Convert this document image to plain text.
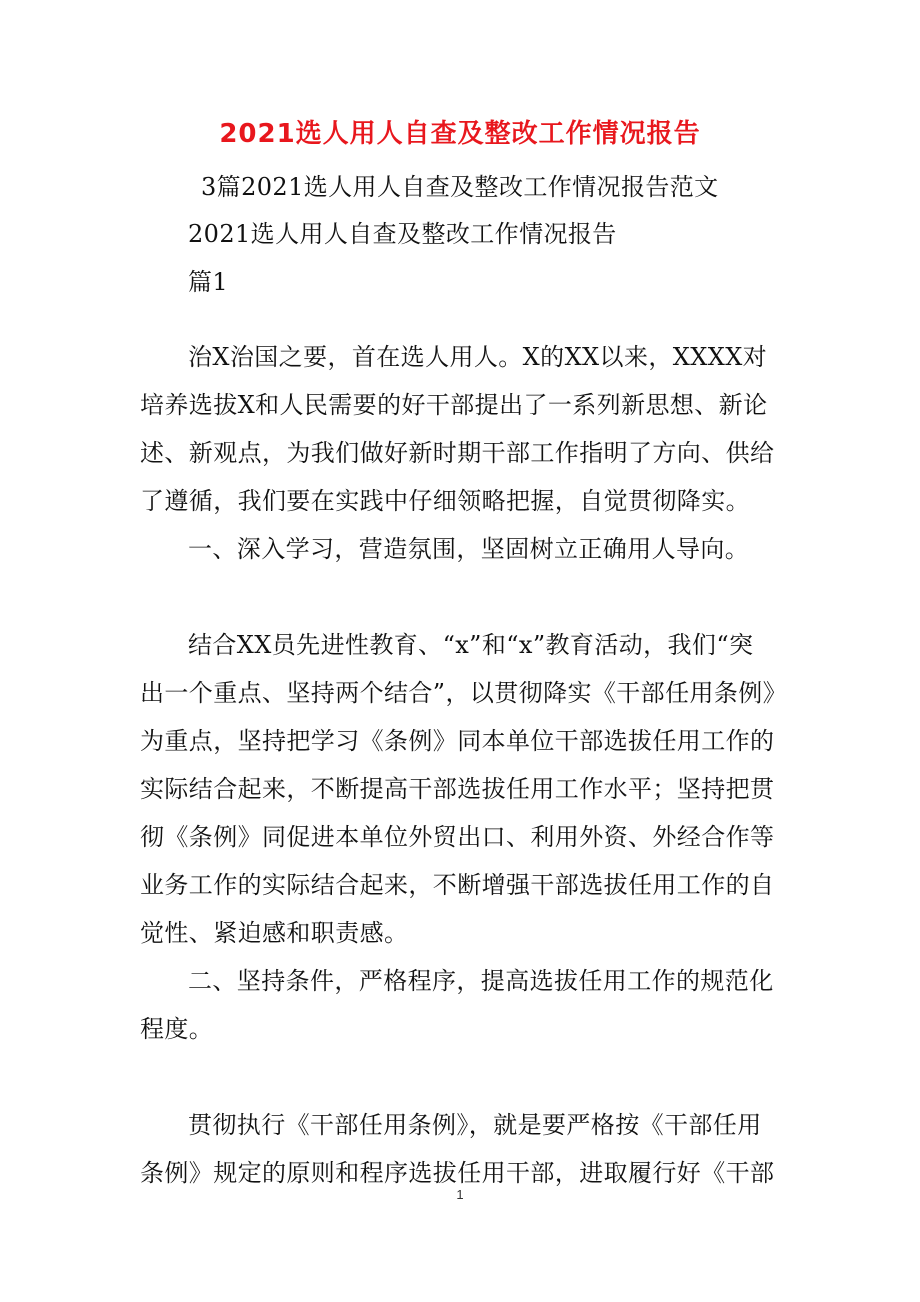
2021选人用人自查及整改工作情况报告
3篇2021选人用人自查及整改工作情况报告范文
2021选人用人自查及整改工作情况报告
篇1
治X治国之要，首在选人用人。X的XX以来，XXXX对
培养选拔X和人民需要的好干部提出了一系列新思想、新论
述、新观点，为我们做好新时期干部工作指明了方向、供给
了遵循，我们要在实践中仔细领略把握，自觉贯彻降实。
一、深入学习，营造氛围，坚固树立正确用人导向。
结合XX员先进性教育、“x”和“x”教育活动，我们“突
出一个重点、坚持两个结合”，以贯彻降实《干部任用条例》
为重点，坚持把学习《条例》同本单位干部选拔任用工作的
实际结合起来，不断提高干部选拔任用工作水平；坚持把贯
彻《条例》同促进本单位外贸出口、利用外资、外经合作等
业务工作的实际结合起来，不断增强干部选拔任用工作的自
觉性、紧迫感和职责感。
二、坚持条件，严格程序，提高选拔任用工作的规范化
程度。
贯彻执行《干部任用条例》，就是要严格按《干部任用
条例》规定的原则和程序选拔任用干部，进取履行好《干部
1
